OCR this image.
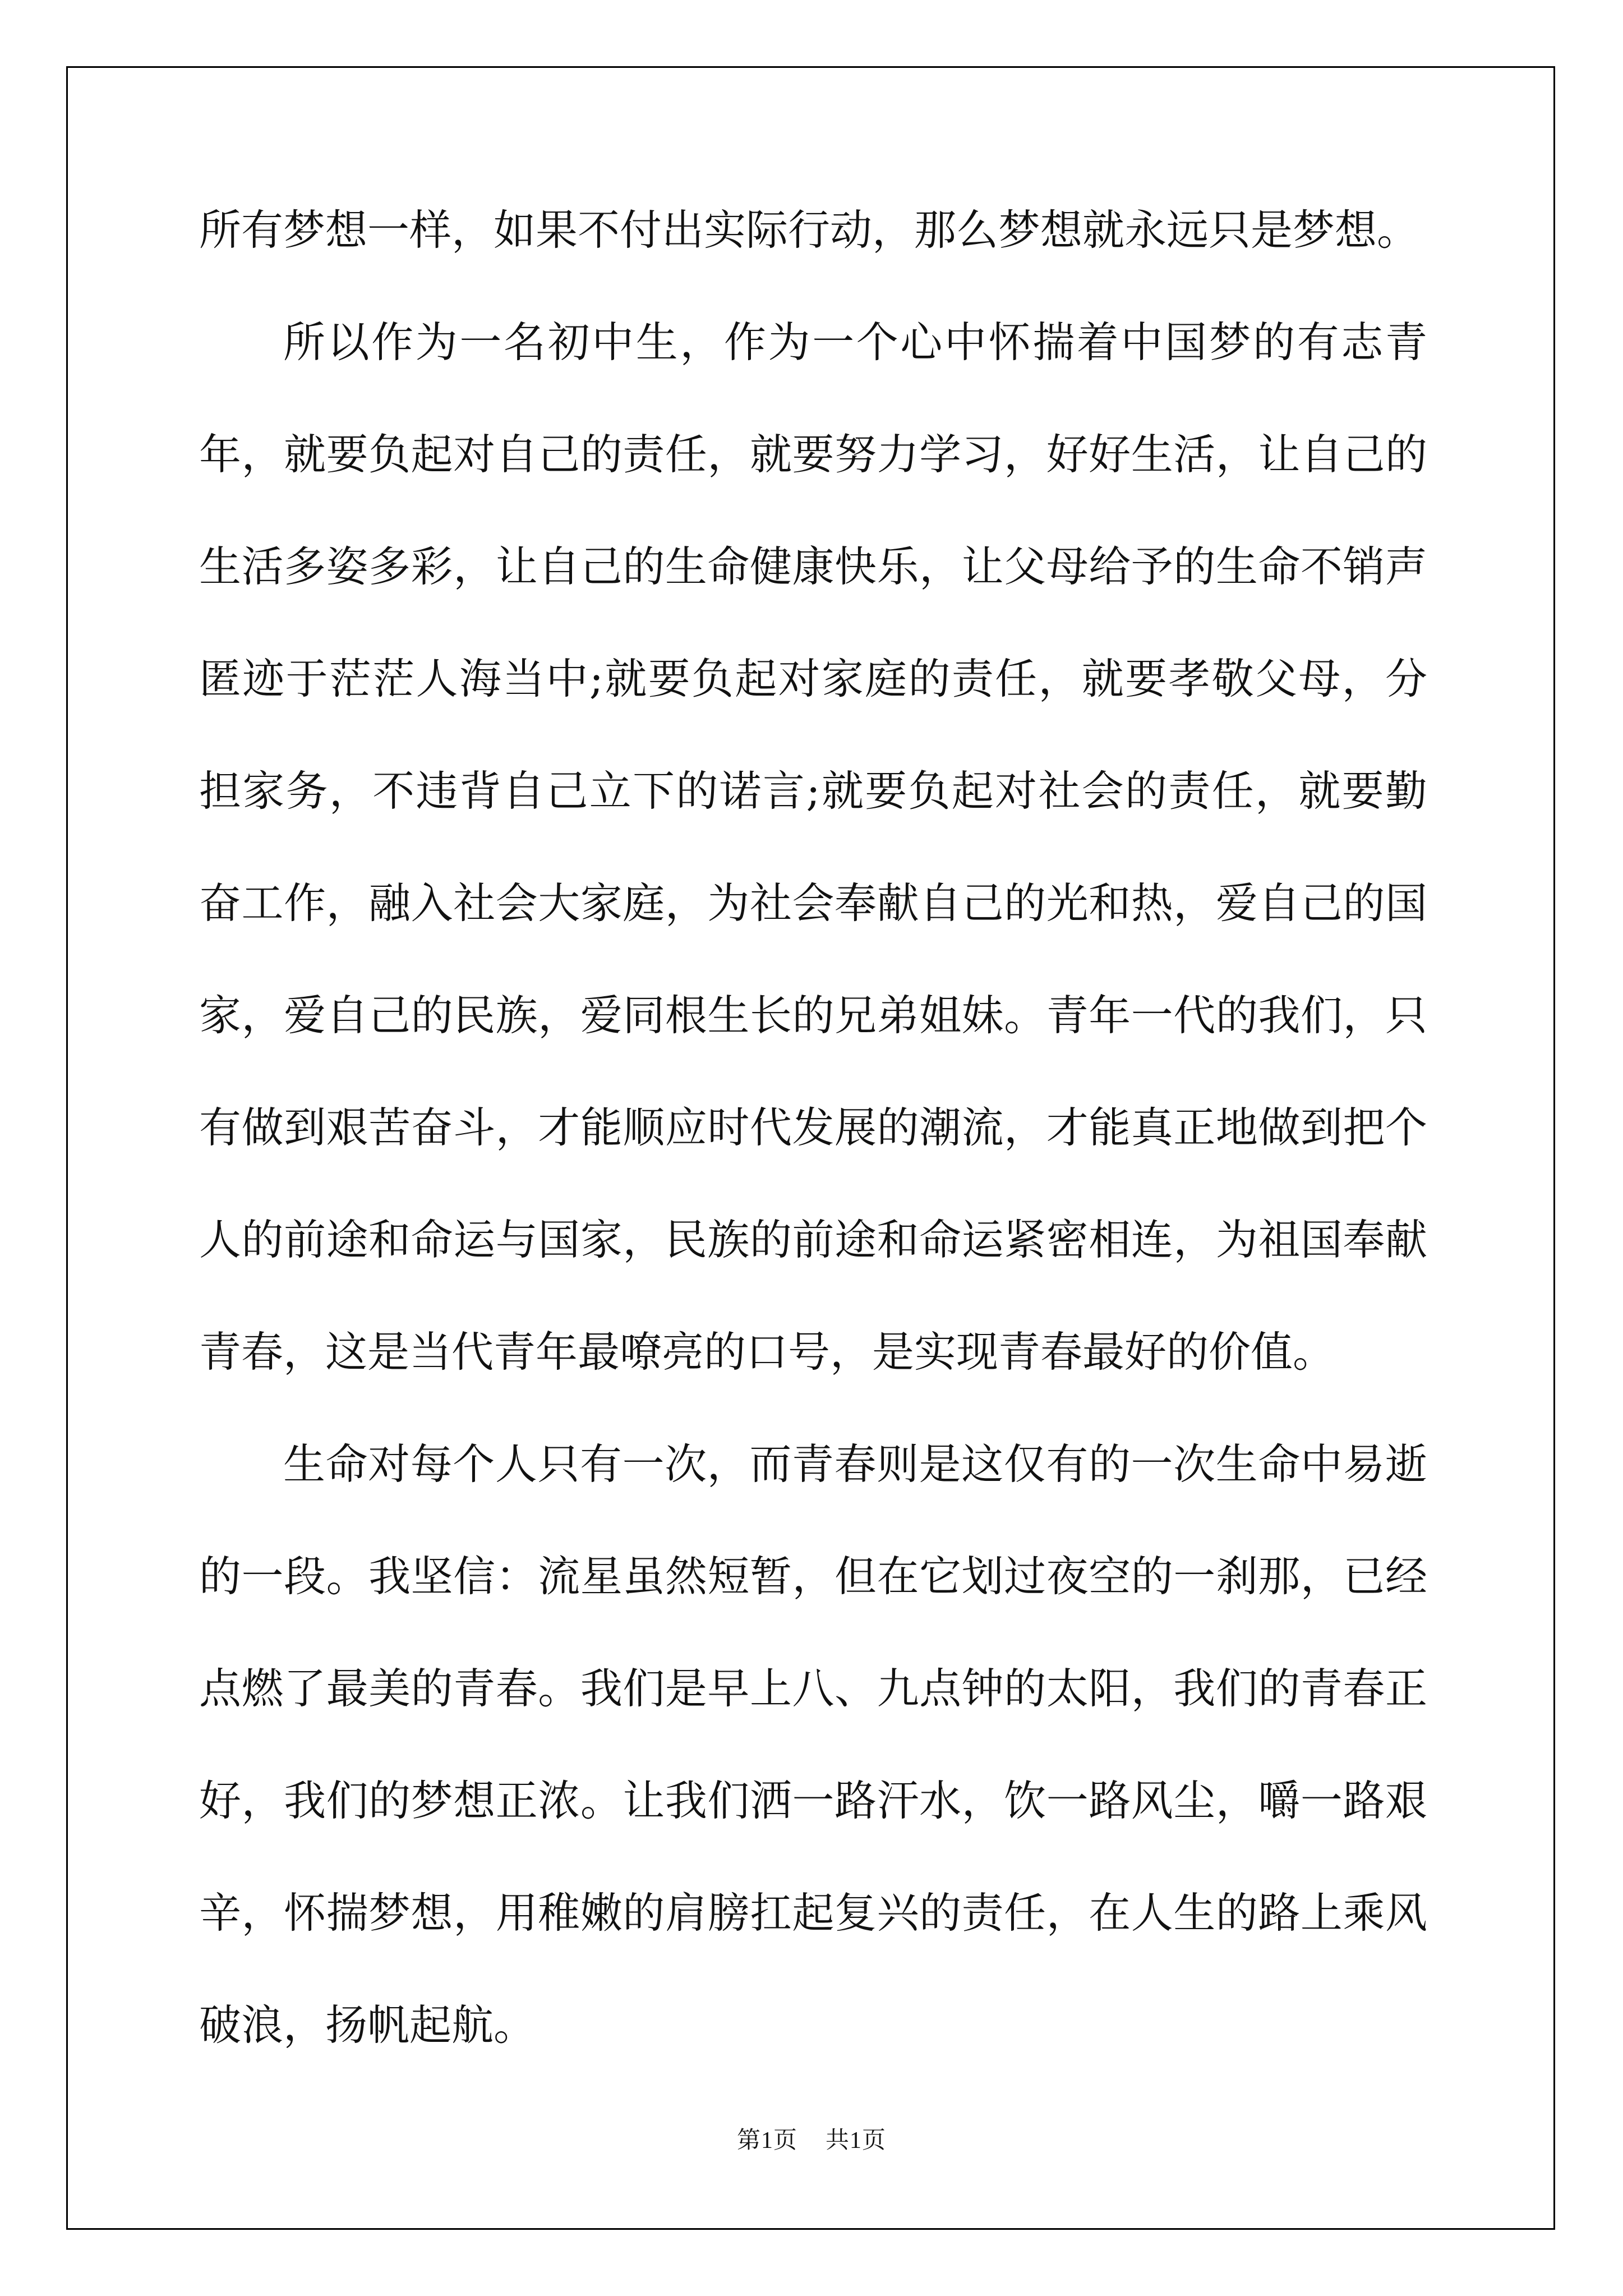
所有梦想一样，如果不付出实际行动，那么梦想就永远只是梦想。

所以作为一名初中生，作为一个心中怀揣着中国梦的有志青年，就要负起对自己的责任，就要努力学习，好好生活，让自己的生活多姿多彩，让自己的生命健康快乐，让父母给予的生命不销声匿迹于茫茫人海当中;就要负起对家庭的责任，就要孝敬父母，分担家务，不违背自己立下的诺言;就要负起对社会的责任，就要勤奋工作，融入社会大家庭，为社会奉献自己的光和热，爱自己的国家，爱自己的民族，爱同根生长的兄弟姐妹。青年一代的我们，只有做到艰苦奋斗，才能顺应时代发展的潮流，才能真正地做到把个人的前途和命运与国家，民族的前途和命运紧密相连，为祖国奉献青春，这是当代青年最嘹亮的口号，是实现青春最好的价值。

生命对每个人只有一次，而青春则是这仅有的一次生命中易逝的一段。我坚信：流星虽然短暂，但在它划过夜空的一刹那，已经点燃了最美的青春。我们是早上八、九点钟的太阳，我们的青春正好，我们的梦想正浓。让我们洒一路汗水，饮一路风尘，嚼一路艰辛，怀揣梦想，用稚嫩的肩膀扛起复兴的责任，在人生的路上乘风破浪，扬帆起航。

第1页 共1页
